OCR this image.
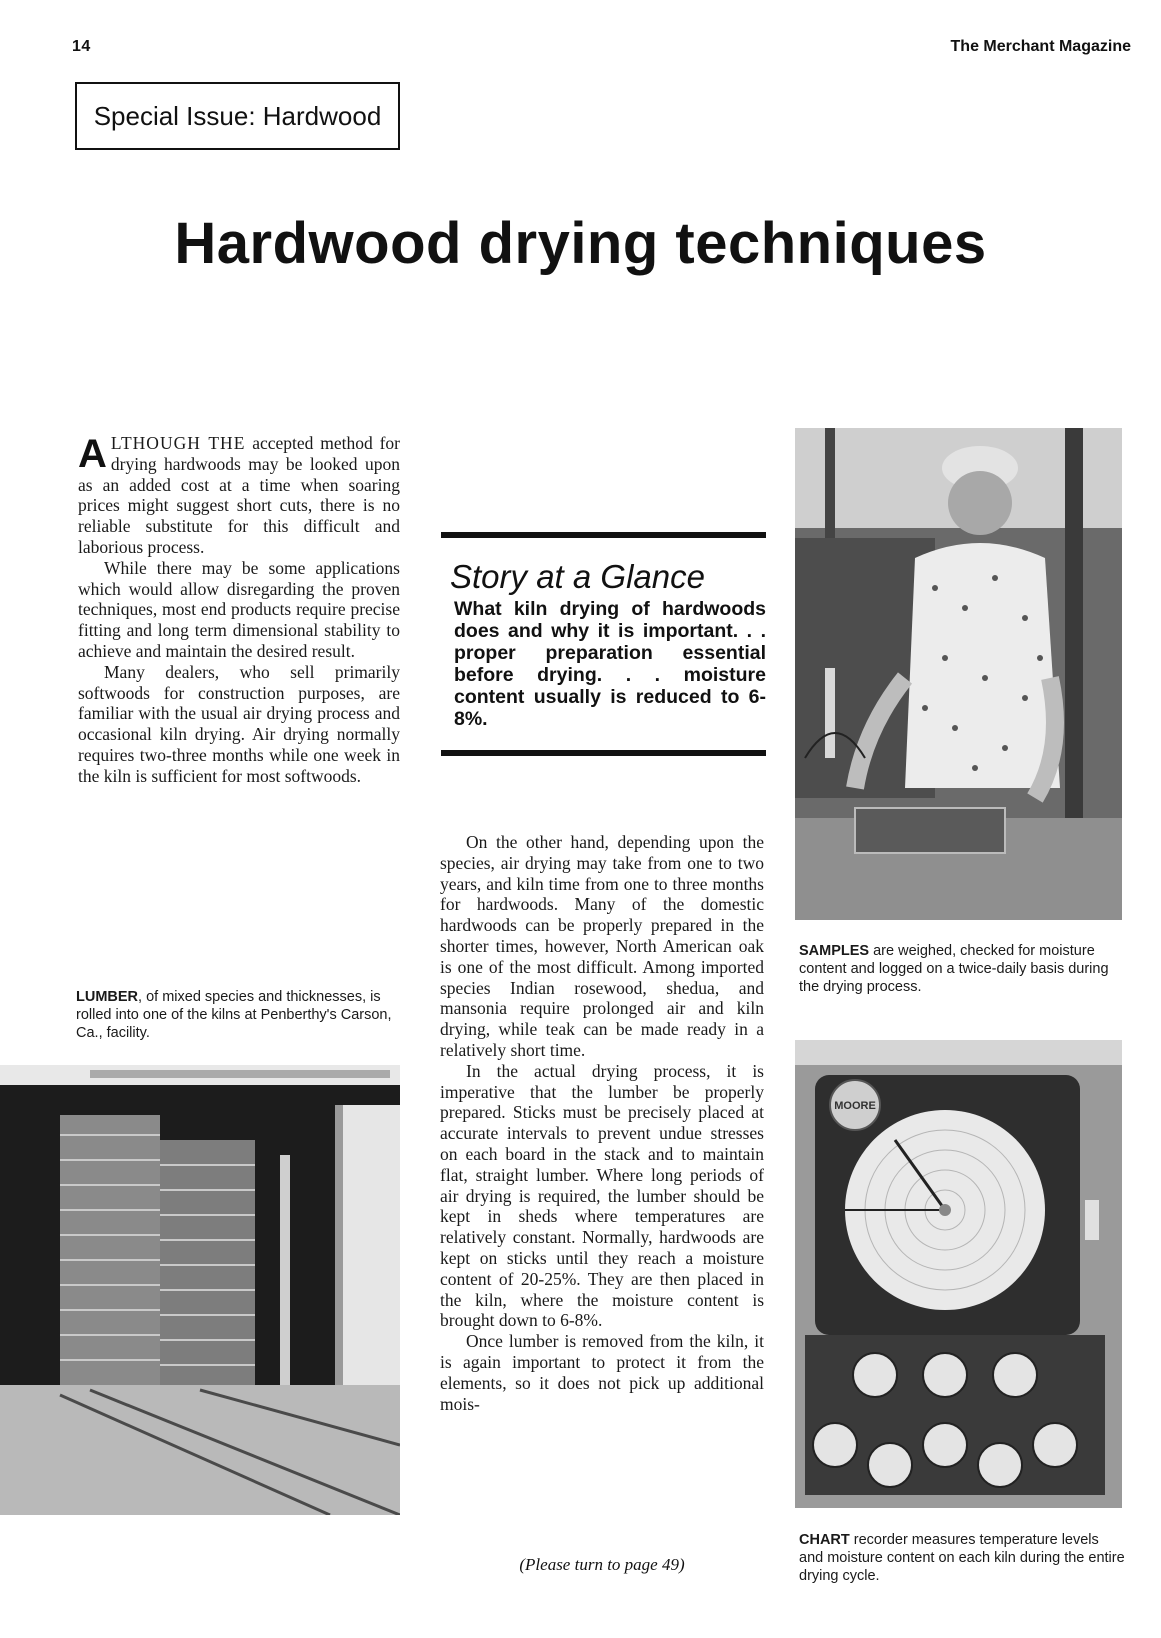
14	The Merchant Magazine
Special Issue: Hardwood
Hardwood drying techniques

ALTHOUGH THE accepted method for drying hardwoods may be looked upon as an added cost at a time when soaring prices might suggest short cuts, there is no reliable substitute for this difficult and laborious process.

While there may be some applications which would allow disregarding the proven techniques, most end products require precise fitting and long term dimensional stability to achieve and maintain the desired result.

Many dealers, who sell primarily softwoods for construction purposes, are familiar with the usual air drying process and occasional kiln drying. Air drying normally requires two-three months while one week in the kiln is sufficient for most softwoods.

Story at a Glance
What kiln drying of hardwoods does and why it is important. . . proper preparation essential before drying. . . moisture content usually is reduced to 6-8%.

On the other hand, depending upon the species, air drying may take from one to two years, and kiln time from one to three months for hardwoods. Many of the domestic hardwoods can be properly prepared in the shorter times, however, North American oak is one of the most difficult. Among imported species Indian rosewood, shedua, and mansonia require prolonged air and kiln drying, while teak can be made ready in a relatively short time.

In the actual drying process, it is imperative that the lumber be properly prepared. Sticks must be precisely placed at accurate intervals to prevent undue stresses on each board in the stack and to maintain flat, straight lumber. Where long periods of air drying is required, the lumber should be kept in sheds where temperatures are relatively constant. Normally, hardwoods are kept on sticks until they reach a moisture content of 20-25%. They are then placed in the kiln, where the moisture content is brought down to 6-8%.

Once lumber is removed from the kiln, it is again important to protect it from the elements, so it does not pick up additional mois-

(Please turn to page 49)
LUMBER, of mixed species and thicknesses, is rolled into one of the kilns at Penberthy's Carson, Ca., facility.
SAMPLES are weighed, checked for moisture content and logged on a twice-daily basis during the drying process.
CHART recorder measures temperature levels and moisture content on each kiln during the entire drying cycle.
MOORE
